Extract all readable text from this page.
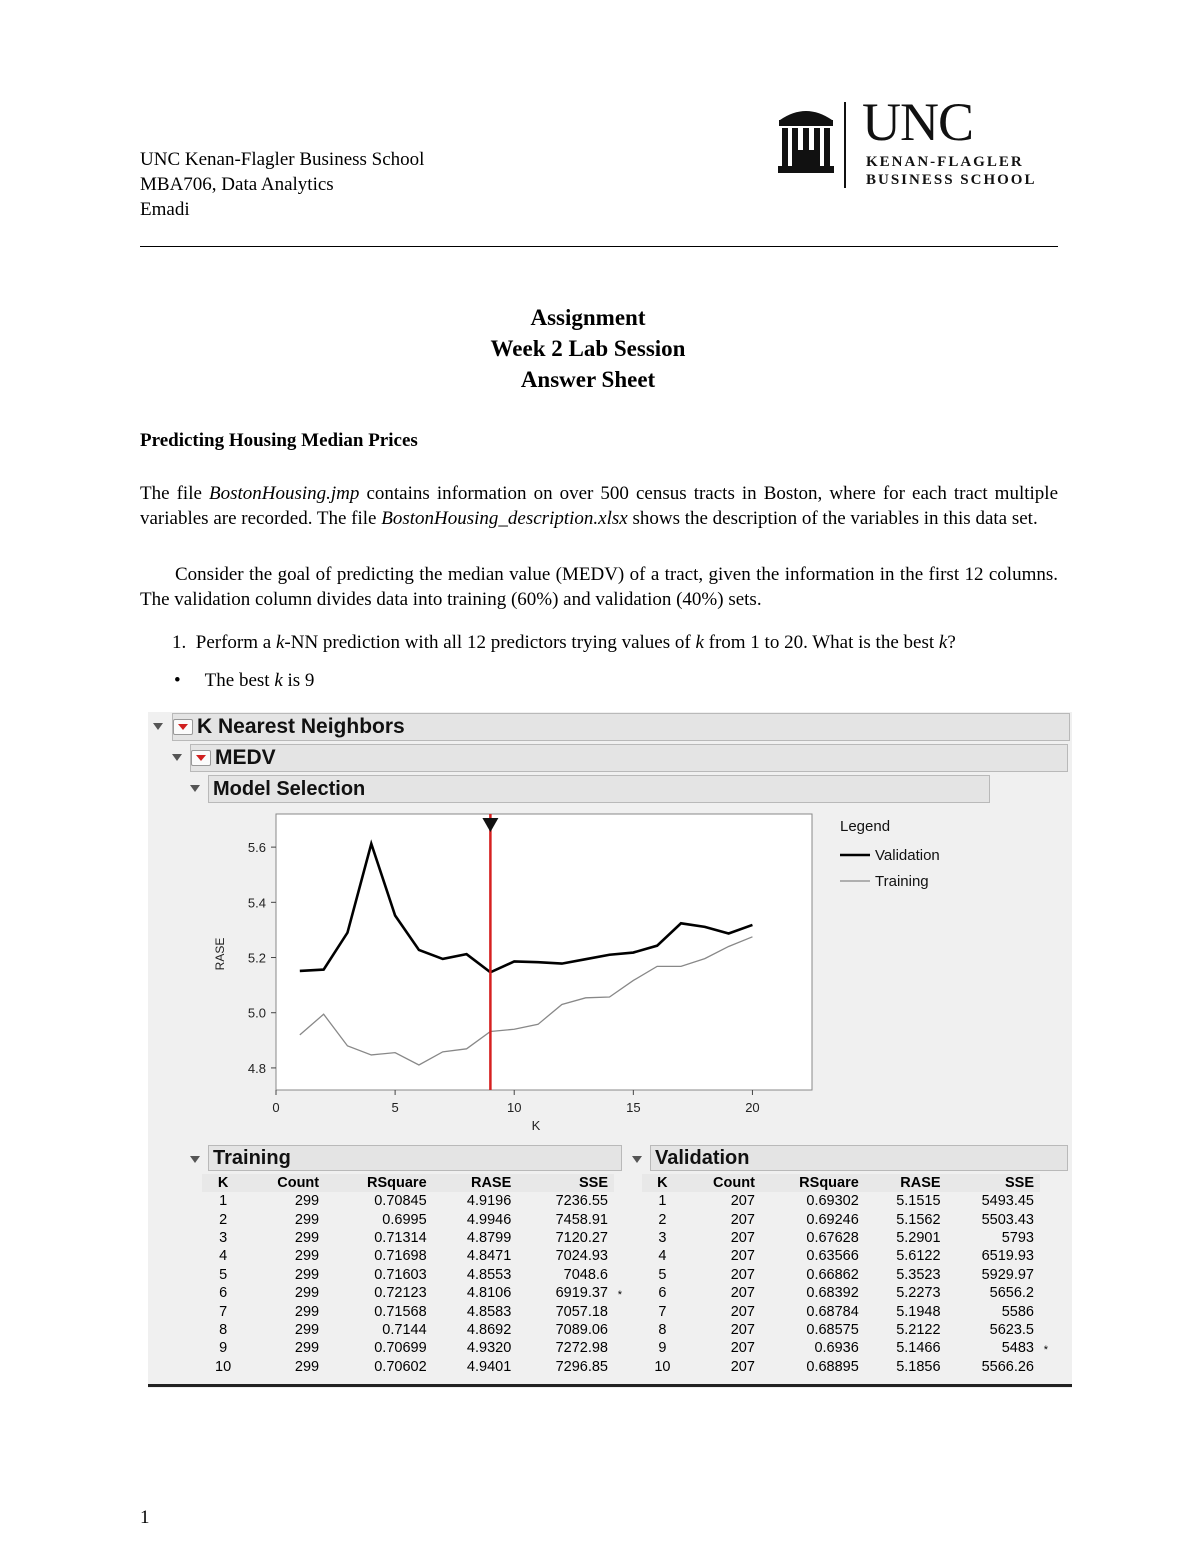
UNC Kenan-Flagler Business School
MBA706, Data Analytics
Emadi
UNC
KENAN-FLAGLER
BUSINESS SCHOOL
Assignment
Week 2 Lab Session
Answer Sheet
Predicting Housing Median Prices
The file BostonHousing.jmp contains information on over 500 census tracts in Boston, where for each tract multiple variables are recorded. The file BostonHousing_description.xlsx shows the description of the variables in this data set.
Consider the goal of predicting the median value (MEDV) of a tract, given the information in the first 12 columns. The validation column divides data into training (60%) and validation (40%) sets.
1. Perform a k-NN prediction with all 12 predictors trying values of k from 1 to 20. What is the best k?
• The best k is 9
K Nearest Neighbors
MEDV
Model Selection
4.8
5.0
5.2
5.4
5.6
0	5	10	15	20
K
RASE
Legend
Validation
Training
Training
K	Count	RSquare	RASE	SSE
1	299	0.70845	4.9196	7236.55
2	299	0.6995	4.9946	7458.91
3	299	0.71314	4.8799	7120.27
4	299	0.71698	4.8471	7024.93
5	299	0.71603	4.8553	7048.6
6	299	0.72123	4.8106	6919.37 *

7	299	0.71568	4.8583	7057.18
8	299	0.7144	4.8692	7089.06
9	299	0.70699	4.9320	7272.98
10	299	0.70602	4.9401	7296.85
Validation
K	Count	RSquare	RASE	SSE
1	207	0.69302	5.1515	5493.45
2	207	0.69246	5.1562	5503.43
3	207	0.67628	5.2901	5793
4	207	0.63566	5.6122	6519.93
5	207	0.66862	5.3523	5929.97
6	207	0.68392	5.2273	5656.2
7	207	0.68784	5.1948	5586
8	207	0.68575	5.2122	5623.5
9	207	0.6936	5.1466	5483 *

10	207	0.68895	5.1856	5566.26
1
